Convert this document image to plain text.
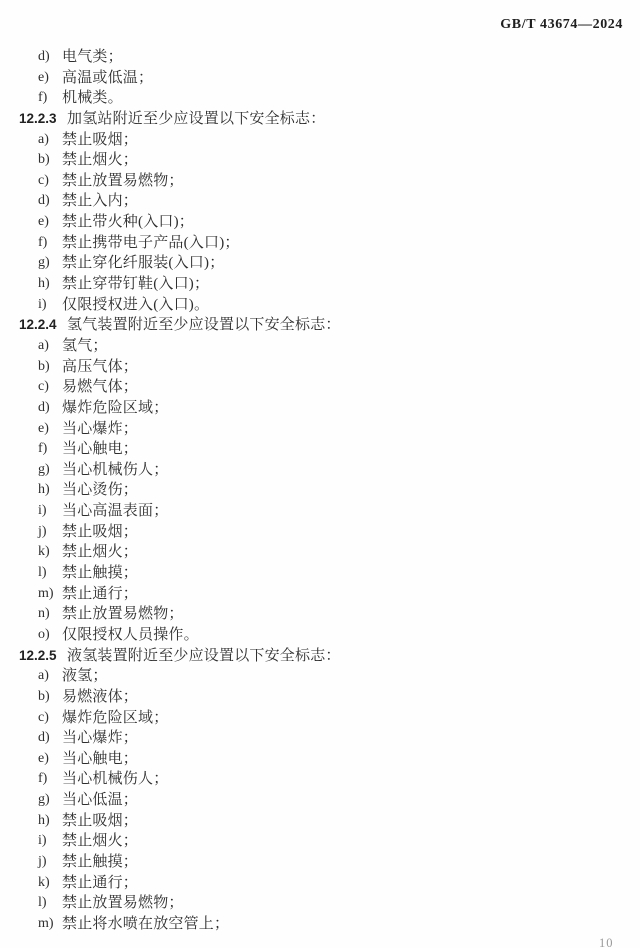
GB/T 43674—2024
d) 电气类；
e) 高温或低温；
f) 机械类。
12.2.3 加氢站附近至少应设置以下安全标志：
a) 禁止吸烟；
b) 禁止烟火；
c) 禁止放置易燃物；
d) 禁止入内；
e) 禁止带火种(入口)；
f) 禁止携带电子产品(入口)；
g) 禁止穿化纤服装(入口)；
h) 禁止穿带钉鞋(入口)；
i)	仅限授权进入(入口)。
12.2.4 氢气装置附近至少应设置以下安全标志：
a) 氢气；
b) 高压气体；
c) 易燃气体；
d) 爆炸危险区域；
e) 当心爆炸；
f) 当心触电；
g) 当心机械伤人；
h) 当心烫伤；
i)	当心高温表面；
j)	禁止吸烟；
k) 禁止烟火；
l)	禁止触摸；
m) 禁止通行；
n) 禁止放置易燃物；
o) 仅限授权人员操作。
12.2.5 液氢装置附近至少应设置以下安全标志：
a) 液氢；
b) 易燃液体；
c) 爆炸危险区域；
d) 当心爆炸；
e) 当心触电；
f) 当心机械伤人；
g) 当心低温；
h) 禁止吸烟；
i)	禁止烟火；
j)	禁止触摸；
k) 禁止通行；
l)	禁止放置易燃物；
m) 禁止将水喷在放空管上；
10
